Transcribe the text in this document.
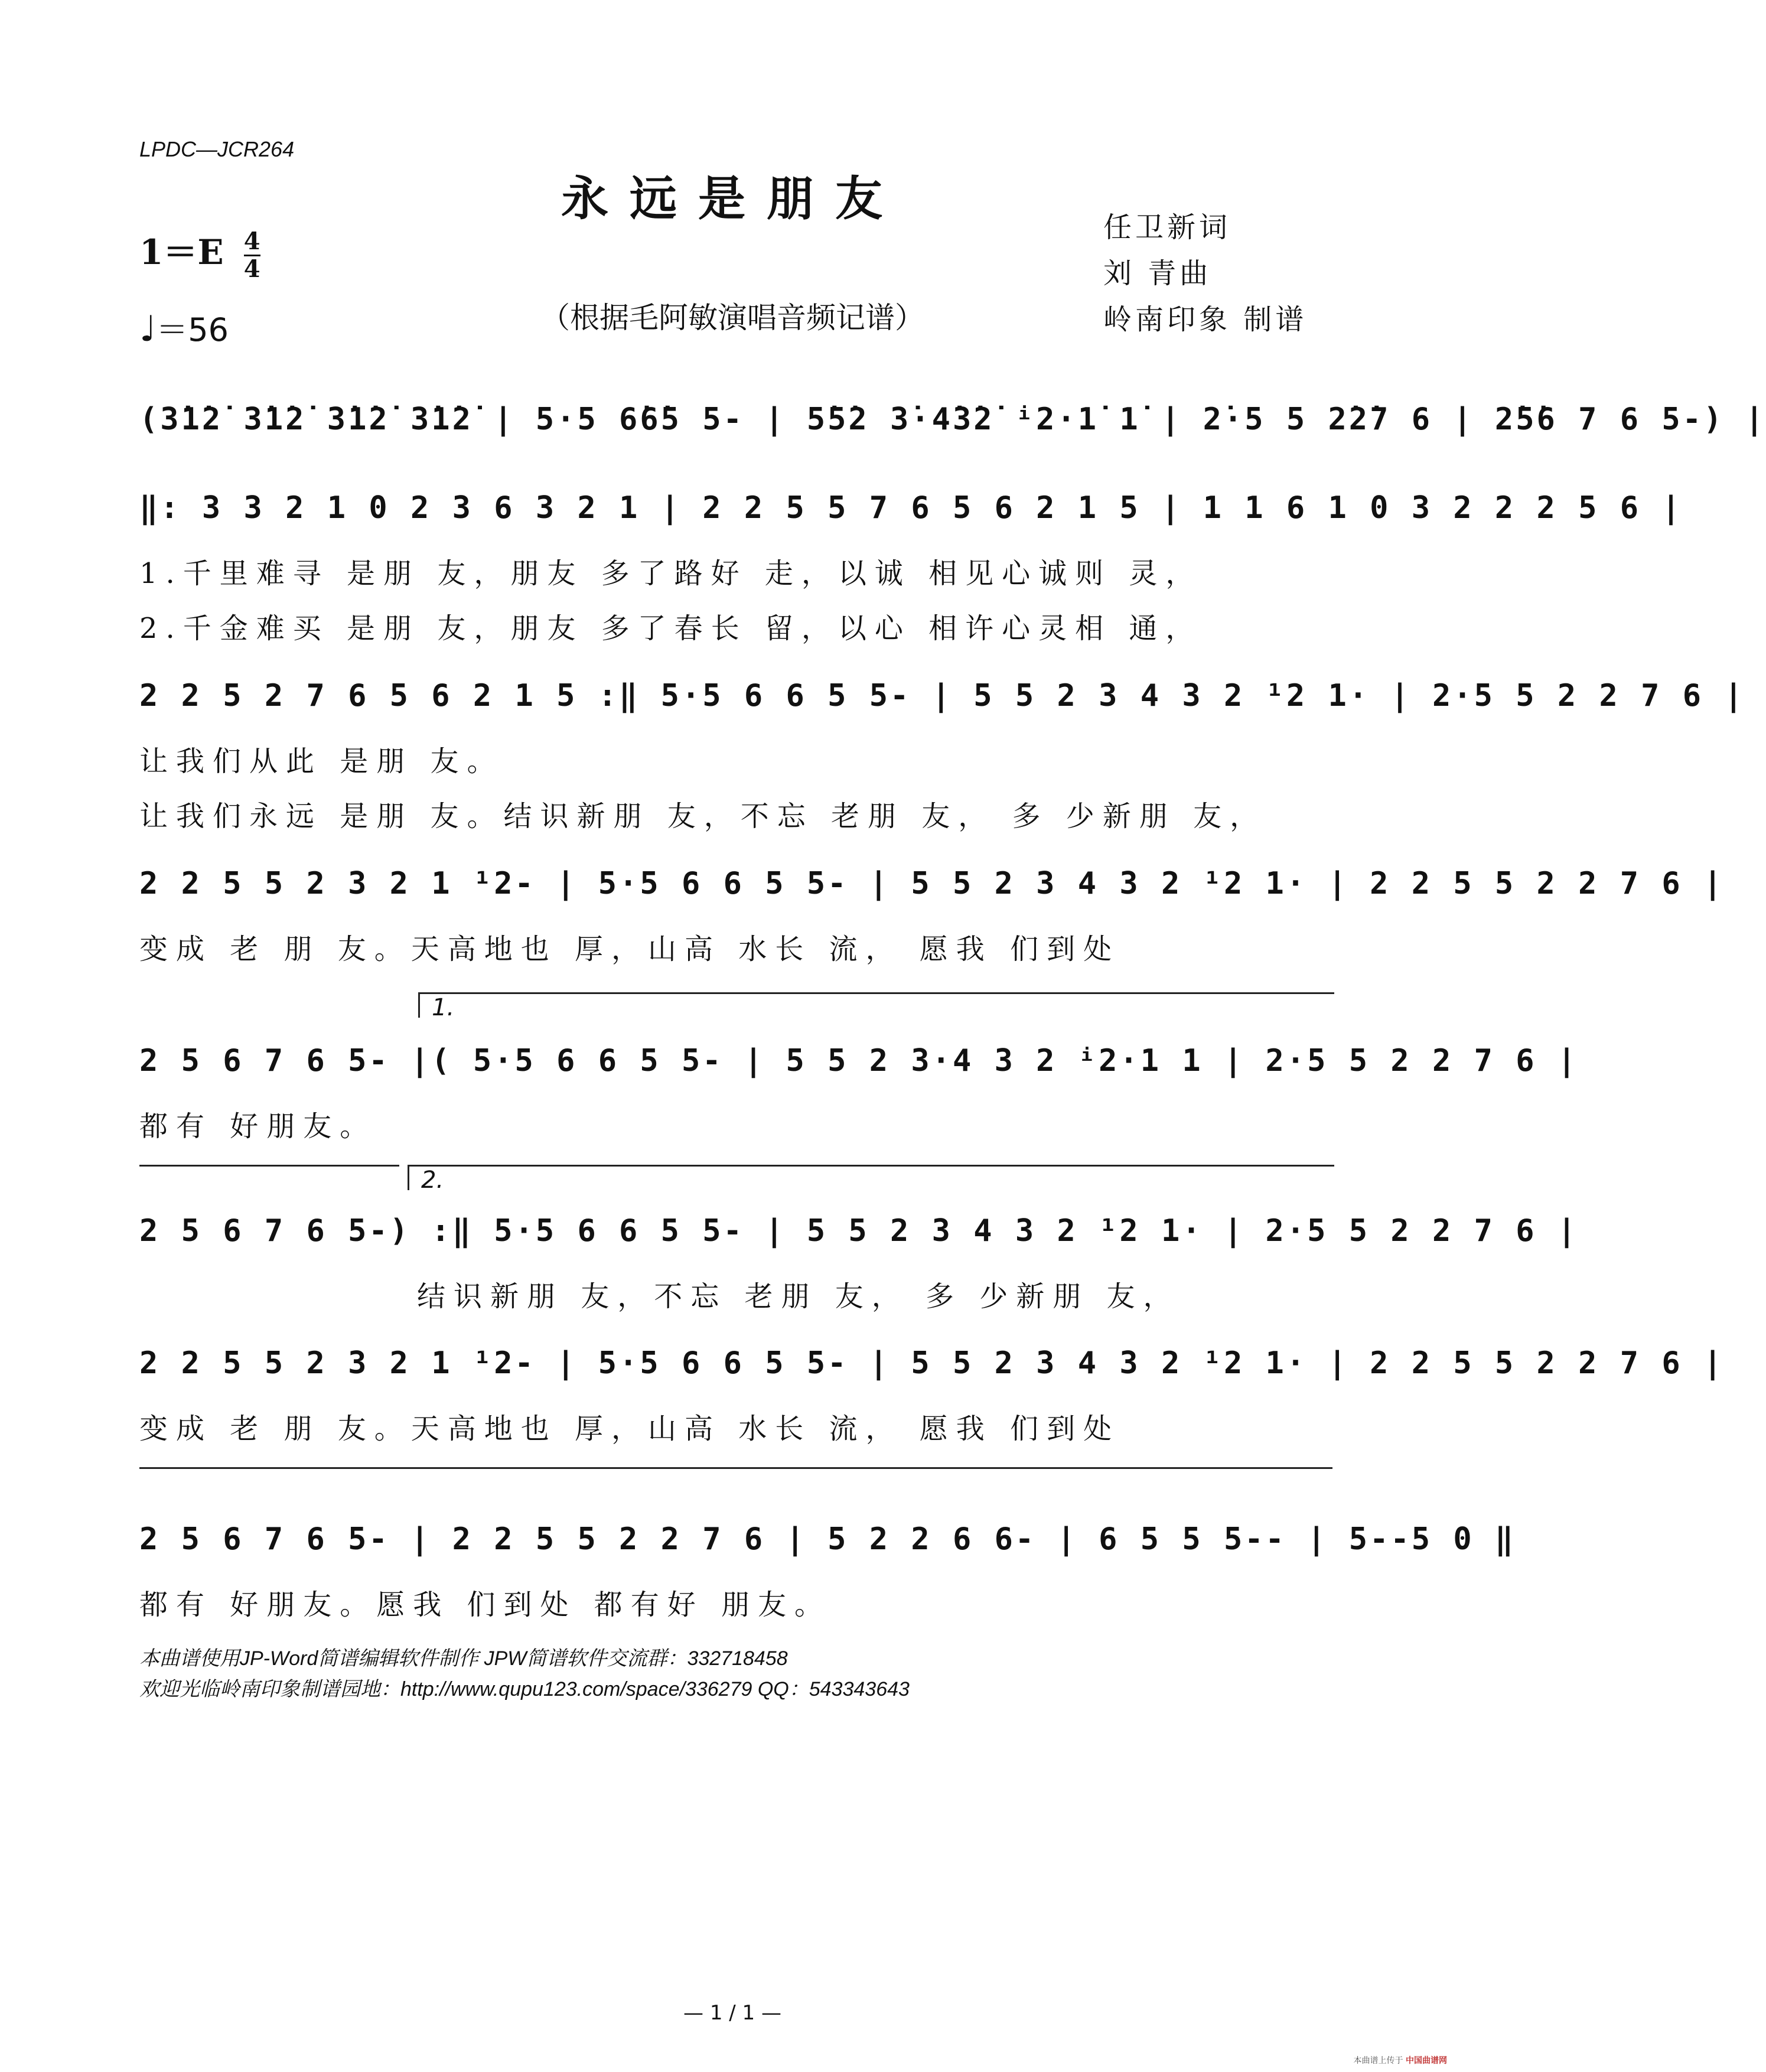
LPDC—JCR264
永远是朋友
（根据毛阿敏演唱音频记谱）
任卫新词
刘 青曲
岭南印象 制谱
$1=E \frac{4}{4}$
♩＝56
(3̇1̇2̇ 3̇1̇2̇ 3̇1̇2̇ 3̇1̇2̇ | 5·5 6̇6̇5 5- | 5̇5̇2 3̇·4̇3̇2̇ ⁱ2·1̇ 1̇ | 2̇·5 5 2̇2̇7 6 | 2̇5̇6 7 6 5-) |
‖: 3 3 2 1 0 2 3 6 3 2 1 | 2 2 5 5 7 6 5 6 2 1 5 | 1 1 6 1 0 3 2 2 2 5 6 |
1.千里难寻 是朋 友，朋友 多了路好 走，以诚 相见心诚则 灵，
2.千金难买 是朋 友，朋友 多了春长 留，以心 相许心灵相 通，
2 2 5 2 7 6 5 6 2 1 5 :‖ 5·5 6 6 5 5- | 5 5 2 3 4 3 2 ¹2 1· | 2·5 5 2 2 7 6 |
让我们从此 是朋 友。
让我们永远 是朋 友。结识新朋 友，不忘 老朋 友， 多 少新朋 友，
2 2 5 5 2 3 2 1 ¹2- | 5·5 6 6 5 5- | 5 5 2 3 4 3 2 ¹2 1· | 2 2 5 5 2 2 7 6 |
变成 老 朋 友。天高地也 厚，山高 水长 流， 愿我 们到处
1.
2 5 6 7 6 5- |( 5·5 6 6 5 5- | 5 5 2 3·4 3 2 ⁱ2·1 1 | 2·5 5 2 2 7 6 |
都有 好朋友。
2.
2 5 6 7 6 5-) :‖ 5·5 6 6 5 5- | 5 5 2 3 4 3 2 ¹2 1· | 2·5 5 2 2 7 6 |
结识新朋 友，不忘 老朋 友， 多 少新朋 友，
2 2 5 5 2 3 2 1 ¹2- | 5·5 6 6 5 5- | 5 5 2 3 4 3 2 ¹2 1· | 2 2 5 5 2 2 7 6 |
变成 老 朋 友。天高地也 厚，山高 水长 流， 愿我 们到处
2 5 6 7 6 5- | 2 2 5 5 2 2 7 6 | 5 2 2 6 6- | 6 5 5 5-- | 5--5 0 ‖
都有 好朋友。愿我 们到处 都有好 朋友。
本曲谱使用JP-Word简谱编辑软件制作 JPW简谱软件交流群：332718458
欢迎光临岭南印象制谱园地：http://www.qupu123.com/space/336279 QQ：543343643
— 1 / 1 —
本曲谱上传于 中国曲谱网
